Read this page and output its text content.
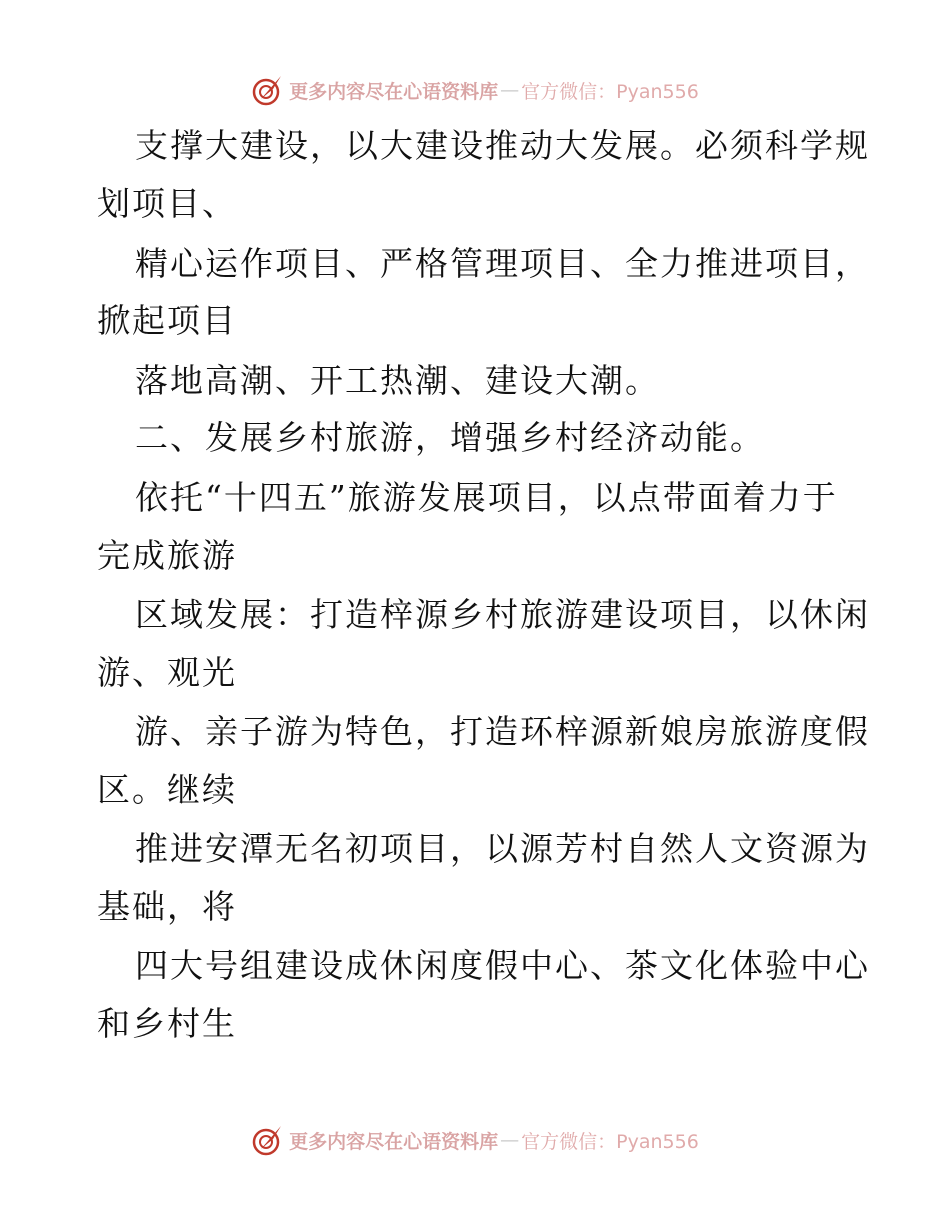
更多内容尽在心语资料库 — 官方微信：Pyan556
支撑大建设，以大建设推动大发展。必须科学规
划项目、
精心运作项目、严格管理项目、全力推进项目，
掀起项目
落地高潮、开工热潮、建设大潮。
二、发展乡村旅游，增强乡村经济动能。
依托“十四五”旅游发展项目，以点带面着力于
完成旅游
区域发展：打造梓源乡村旅游建设项目，以休闲
游、观光
游、亲子游为特色，打造环梓源新娘房旅游度假
区。继续
推进安潭无名初项目，以源芳村自然人文资源为
基础，将
四大号组建设成休闲度假中心、茶文化体验中心
和乡村生
更多内容尽在心语资料库 — 官方微信：Pyan556
